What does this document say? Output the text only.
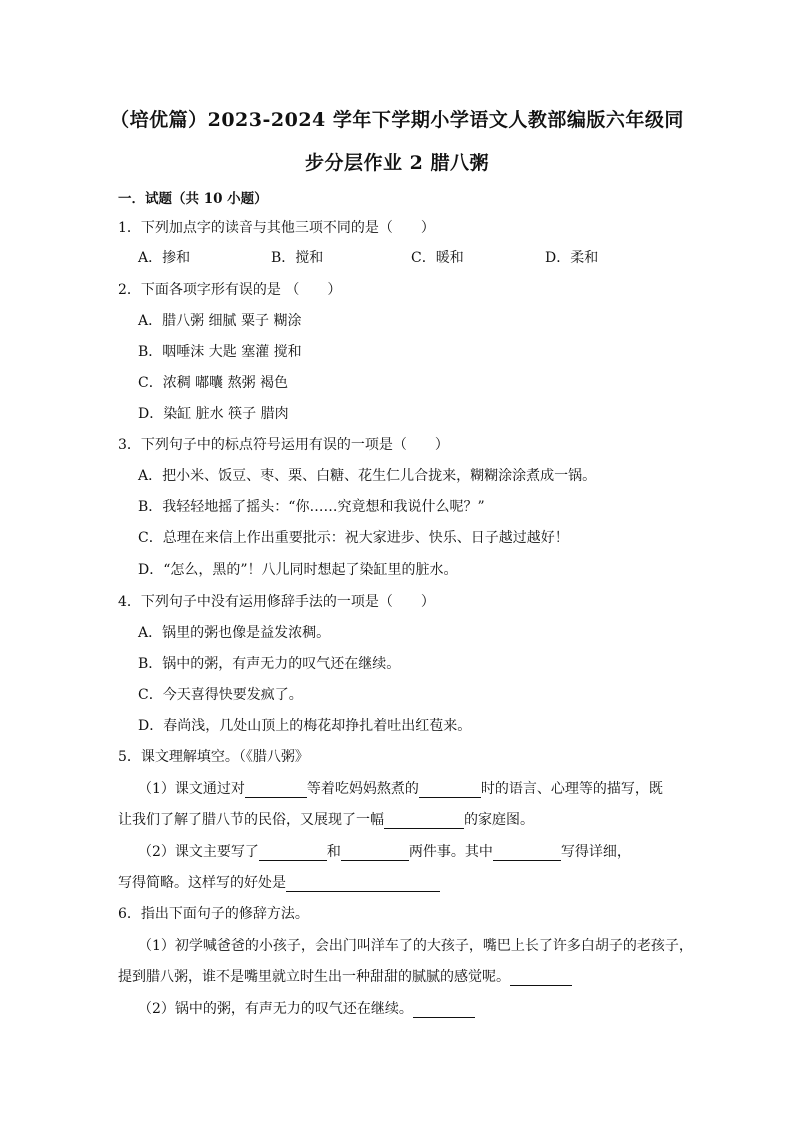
（培优篇）2023-2024 学年下学期小学语文人教部编版六年级同
步分层作业 2 腊八粥
一．试题（共 10 小题）
1．下列加点字的读音与其他三项不同的是（　　）
A．掺和	B．搅和	C．暖和	D．柔和
2．下面各项字形有误的是 （　　）
A．腊八粥 细腻 粟子 糊涂
B．咽唾沫 大匙 塞灌 搅和
C．浓稠 嘟囔 熬粥 褐色
D．染缸 脏水 筷子 腊肉
3．下列句子中的标点符号运用有误的一项是（　　）
A．把小米、饭豆、枣、栗、白糖、花生仁儿合拢来，糊糊涂涂煮成一锅。
B．我轻轻地摇了摇头：“你……究竟想和我说什么呢？”
C．总理在来信上作出重要批示：祝大家进步、快乐、日子越过越好！
D．“怎么，黑的”！八儿同时想起了染缸里的脏水。
4．下列句子中没有运用修辞手法的一项是（　　）
A．锅里的粥也像是益发浓稠。
B．锅中的粥，有声无力的叹气还在继续。
C．今天喜得快要发疯了。
D．春尚浅，几处山顶上的梅花却挣扎着吐出红苞来。
5．课文理解填空。（《腊八粥》
（1）课文通过对	等着吃妈妈熬煮的	时的语言、心理等的描写，既
让我们了解了腊八节的民俗，又展现了一幅	的家庭图。
（2）课文主要写了	和	两件事。其中	写得详细，
写得简略。这样写的好处是
6．指出下面句子的修辞方法。
（1）初学喊爸爸的小孩子，会出门叫洋车了的大孩子，嘴巴上长了许多白胡子的老孩子，
提到腊八粥，谁不是嘴里就立时生出一种甜甜的腻腻的感觉呢。
（2）锅中的粥，有声无力的叹气还在继续。
